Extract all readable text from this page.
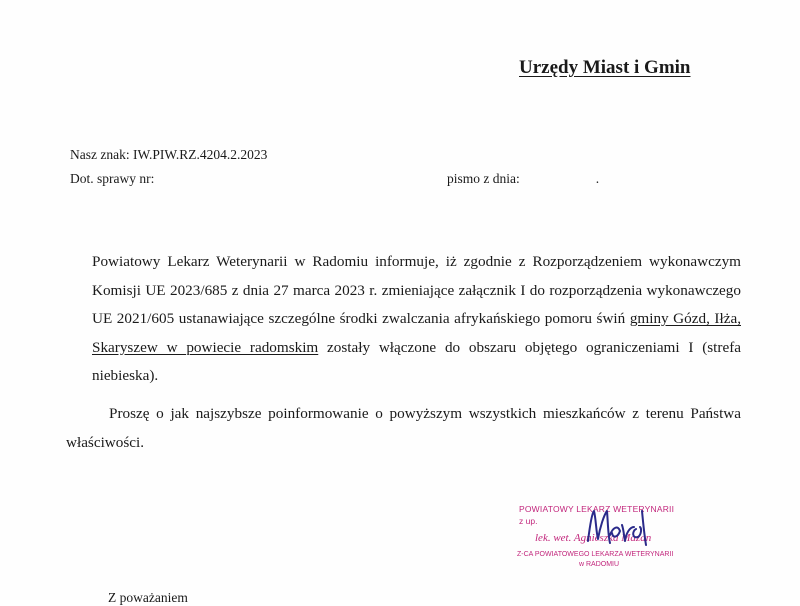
Urzędy Miast i Gmin
Nasz znak: IW.PIW.RZ.4204.2.2023
Dot. sprawy nr:	pismo z dnia:	.
Powiatowy Lekarz Weterynarii w Radomiu informuje, iż zgodnie z Rozporządzeniem wykonawczym Komisji UE 2023/685 z dnia 27 marca 2023 r. zmieniające załącznik I do rozporządzenia wykonawczego UE 2021/605 ustanawiające szczególne środki zwalczania afrykańskiego pomoru świń gminy Gózd, Iłża, Skaryszew w powiecie radomskim zostały włączone do obszaru objętego ograniczeniami I (strefa niebieska).
Proszę o jak najszybsze poinformowanie o powyższym wszystkich mieszkańców z terenu Państwa właściwości.
POWIATOWY LEKARZ WETERYNARII
z up.
lek. wet. Agnieszka Mazan
Z-CA POWIATOWEGO LEKARZA WETERYNARII
w RADOMIU
Z poważaniem
